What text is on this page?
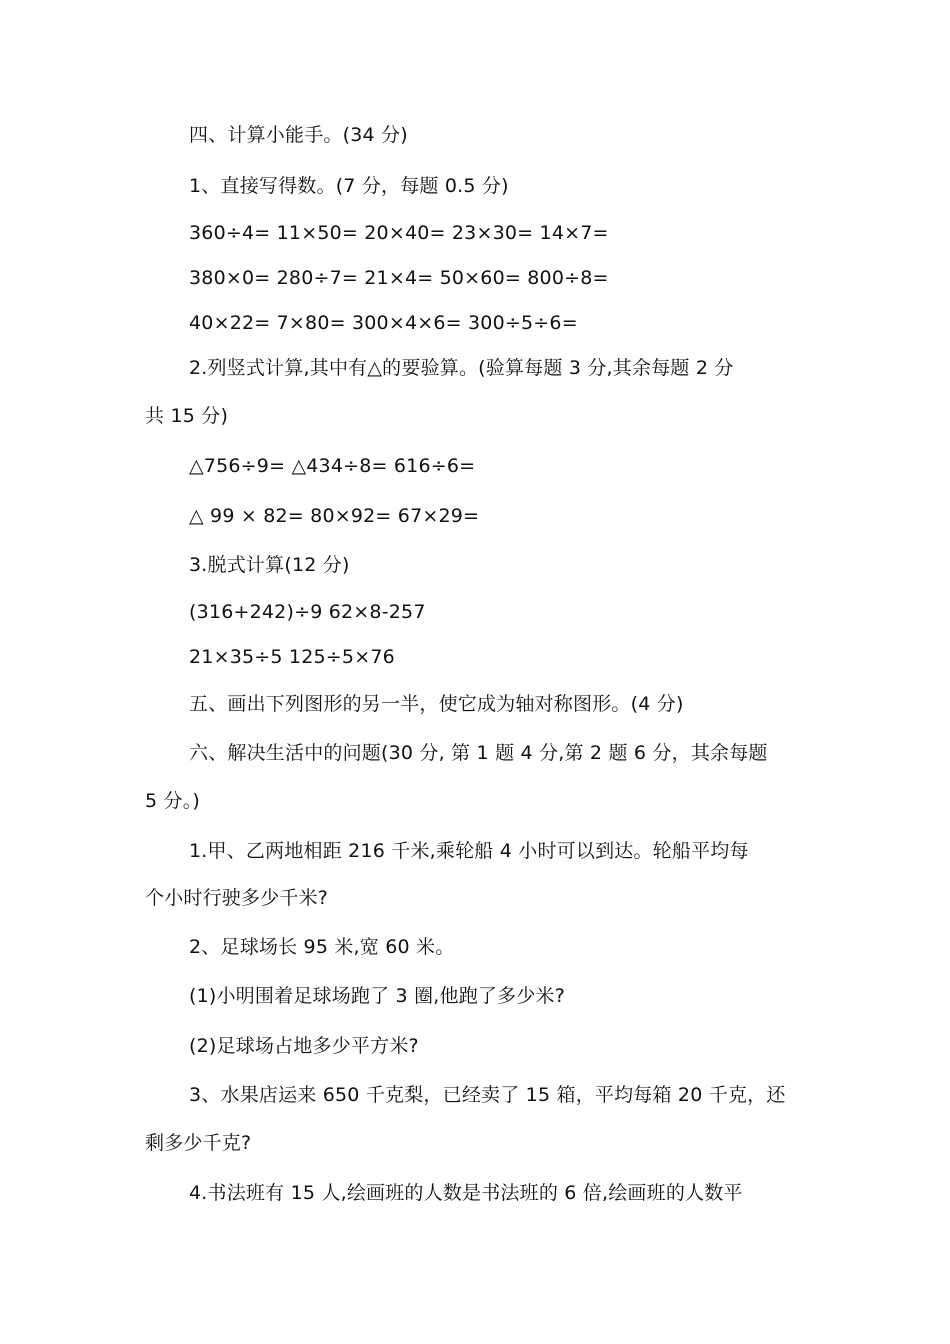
四、计算小能手。(34 分)
1、直接写得数。(7 分，每题 0.5 分)
360÷4= 11×50= 20×40= 23×30= 14×7=
380×0= 280÷7= 21×4= 50×60= 800÷8=
40×22= 7×80= 300×4×6= 300÷5÷6=
2.列竖式计算,其中有△的要验算。(验算每题 3 分,其余每题 2 分
共 15 分)
△756÷9= △434÷8= 616÷6=
△ 99 × 82= 80×92= 67×29=
3.脱式计算(12 分)
(316+242)÷9 62×8-257
21×35÷5 125÷5×76
五、画出下列图形的另一半，使它成为轴对称图形。(4 分)
六、解决生活中的问题(30 分, 第 1 题 4 分,第 2 题 6 分，其余每题
5 分。)
1.甲、乙两地相距 216 千米,乘轮船 4 小时可以到达。轮船平均每
个小时行驶多少千米?
2、足球场长 95 米,宽 60 米。
(1)小明围着足球场跑了 3 圈,他跑了多少米?
(2)足球场占地多少平方米?
3、水果店运来 650 千克梨，已经卖了 15 箱，平均每箱 20 千克，还
剩多少千克?
4.书法班有 15 人,绘画班的人数是书法班的 6 倍,绘画班的人数平
